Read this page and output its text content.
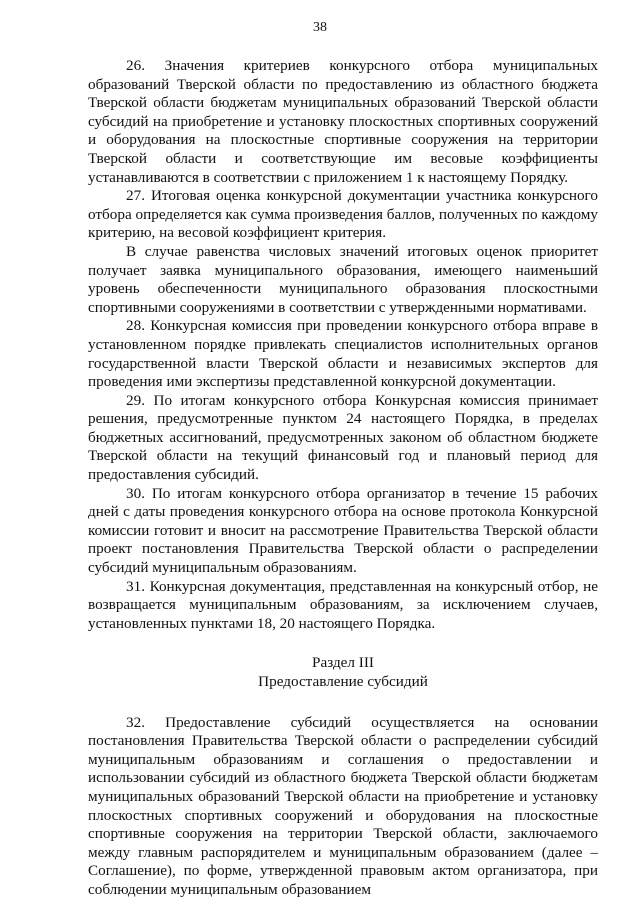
38

26. Значения критериев конкурсного отбора муниципальных образований Тверской области по предоставлению из областного бюджета Тверской области бюджетам муниципальных образований Тверской области субсидий на приобретение и установку плоскостных спортивных сооружений и оборудования на плоскостные спортивные сооружения на территории Тверской области и соответствующие им весовые коэффициенты устанавливаются в соответствии с приложением 1 к настоящему Порядку.

27. Итоговая оценка конкурсной документации участника конкурсного отбора определяется как сумма произведения баллов, полученных по каждому критерию, на весовой коэффициент критерия.

В случае равенства числовых значений итоговых оценок приоритет получает заявка муниципального образования, имеющего наименьший уровень обеспеченности муниципального образования плоскостными спортивными сооружениями в соответствии с утвержденными нормативами.

28. Конкурсная комиссия при проведении конкурсного отбора вправе в установленном порядке привлекать специалистов исполнительных органов государственной власти Тверской области и независимых экспертов для проведения ими экспертизы представленной конкурсной документации.

29. По итогам конкурсного отбора Конкурсная комиссия принимает решения, предусмотренные пунктом 24 настоящего Порядка, в пределах бюджетных ассигнований, предусмотренных законом об областном бюджете Тверской области на текущий финансовый год и плановый период для предоставления субсидий.

30. По итогам конкурсного отбора организатор в течение 15 рабочих дней с даты проведения конкурсного отбора на основе протокола Конкурсной комиссии готовит и вносит на рассмотрение Правительства Тверской области проект постановления Правительства Тверской области о распределении субсидий муниципальным образованиям.

31. Конкурсная документация, представленная на конкурсный отбор, не возвращается муниципальным образованиям, за исключением случаев, установленных пунктами 18, 20 настоящего Порядка.

Раздел III
Предоставление субсидий

32. Предоставление субсидий осуществляется на основании постановления Правительства Тверской области о распределении субсидий муниципальным образованиям и соглашения о предоставлении и использовании субсидий из областного бюджета Тверской области бюджетам муниципальных образований Тверской области на приобретение и установку плоскостных спортивных сооружений и оборудования на плоскостные спортивные сооружения на территории Тверской области, заключаемого между главным распорядителем и муниципальным образованием (далее – Соглашение), по форме, утвержденной правовым актом организатора, при соблюдении муниципальным образованием
